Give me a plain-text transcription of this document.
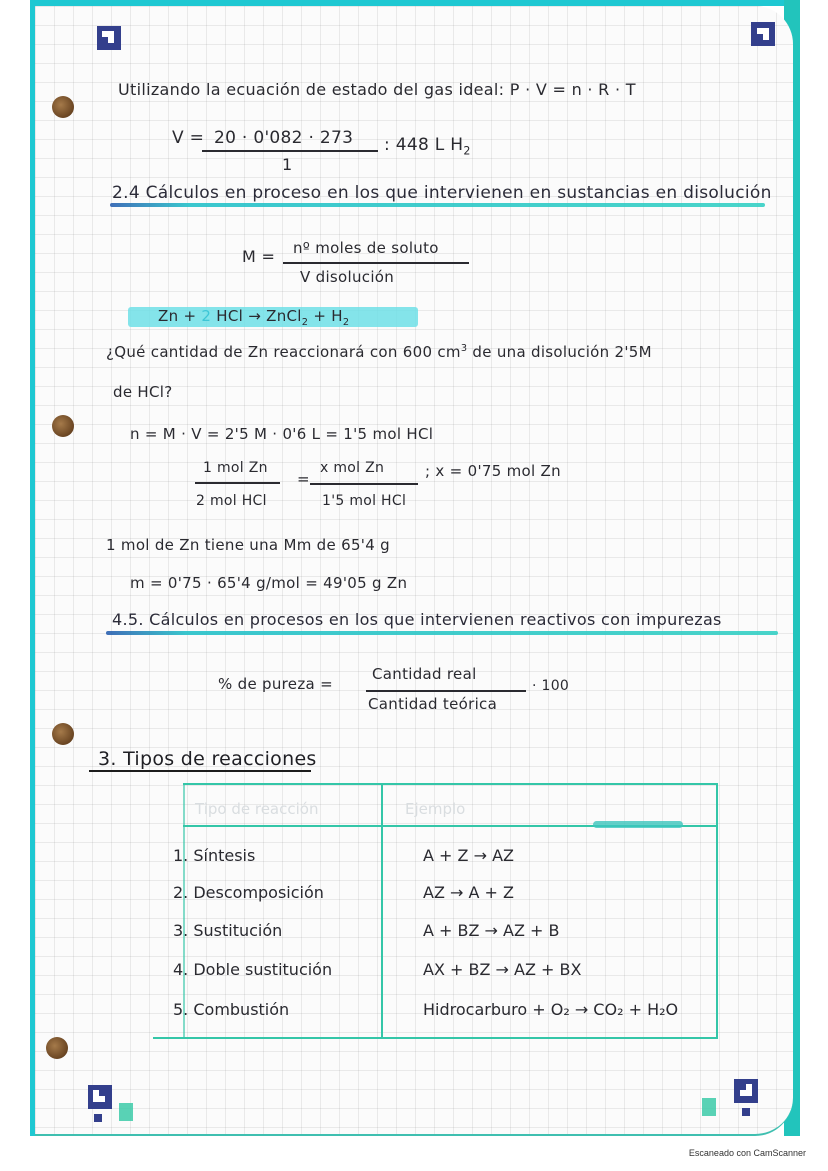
Utilizando la ecuación de estado del gas ideal: P · V = n · R · T
V = 20 · 0'082 · 273
1
: 448 L $H_2$
2.4 Cálculos en proceso en los que intervienen en sustancias en disolución
M = nº moles de soluto
V disolución
Zn + 2 HCl → ZnCl$_2$ + $H_2$
¿Qué cantidad de Zn reaccionará con 600 $cm^3$ de una disolución 2'5M
de HCl?
n = M · V = 2'5 M · 0'6 L = 1'5 mol HCl
1 mol Zn
2 mol HCl
=
x mol Zn
1'5 mol HCl
; x = 0'75 mol Zn
1 mol de Zn tiene una Mm de 65'4 g
m = 0'75 · 65'4 g/mol = 49'05 g Zn
4.5. Cálculos en procesos en los que intervienen reactivos con impurezas
% de pureza =
Cantidad real
Cantidad teórica
· 100
3. Tipos de reacciones
Tipo de reacción	Ejemplo
1. Síntesis	A + Z → AZ
2. Descomposición	AZ → A + Z
3. Sustitución	A + BZ → AZ + B
4. Doble sustitución	AX + BZ → AZ + BX
5. Combustión	Hidrocarburo + O₂ → CO₂ + H₂O
Escaneado con CamScanner
